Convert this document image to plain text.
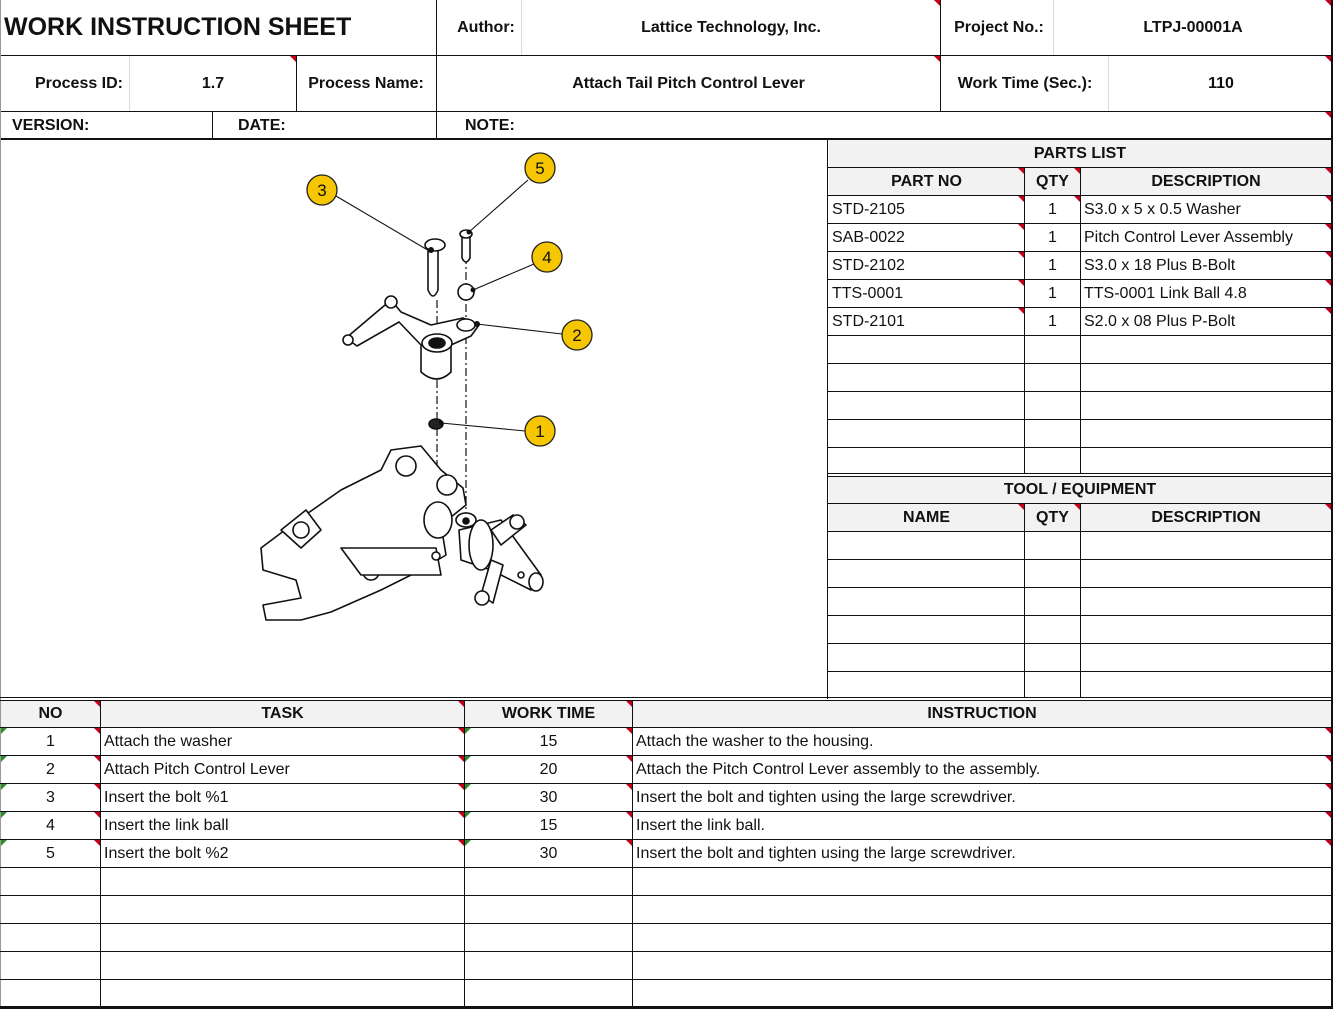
WORK INSTRUCTION SHEET	Author:	Lattice Technology, Inc.	Project No.:	LTPJ-00001A
Process ID:	1.7	Process Name:	Attach Tail Pitch Control Lever	Work Time (Sec.):	110
VERSION:	DATE:	NOTE:
3
5
4
2
1
PARTS LIST
PART NO	QTY	DESCRIPTION
STD-2105	1	S3.0 x 5 x 0.5 Washer
SAB-0022	1	Pitch Control Lever Assembly
STD-2102	1	S3.0 x 18 Plus B-Bolt
TTS-0001	1	TTS-0001 Link Ball 4.8
STD-2101	1	S2.0 x 08 Plus P-Bolt
TOOL / EQUIPMENT
NAME	QTY	DESCRIPTION
NO	TASK	WORK TIME	INSTRUCTION
1	Attach the washer	15	Attach the washer to the housing.
2	Attach Pitch Control Lever	20	Attach the Pitch Control Lever assembly to the assembly.
3	Insert the bolt %1	30	Insert the bolt and tighten using the large screwdriver.
4	Insert the link ball	15	Insert the link ball.
5	Insert the bolt %2	30	Insert the bolt and tighten using the large screwdriver.
